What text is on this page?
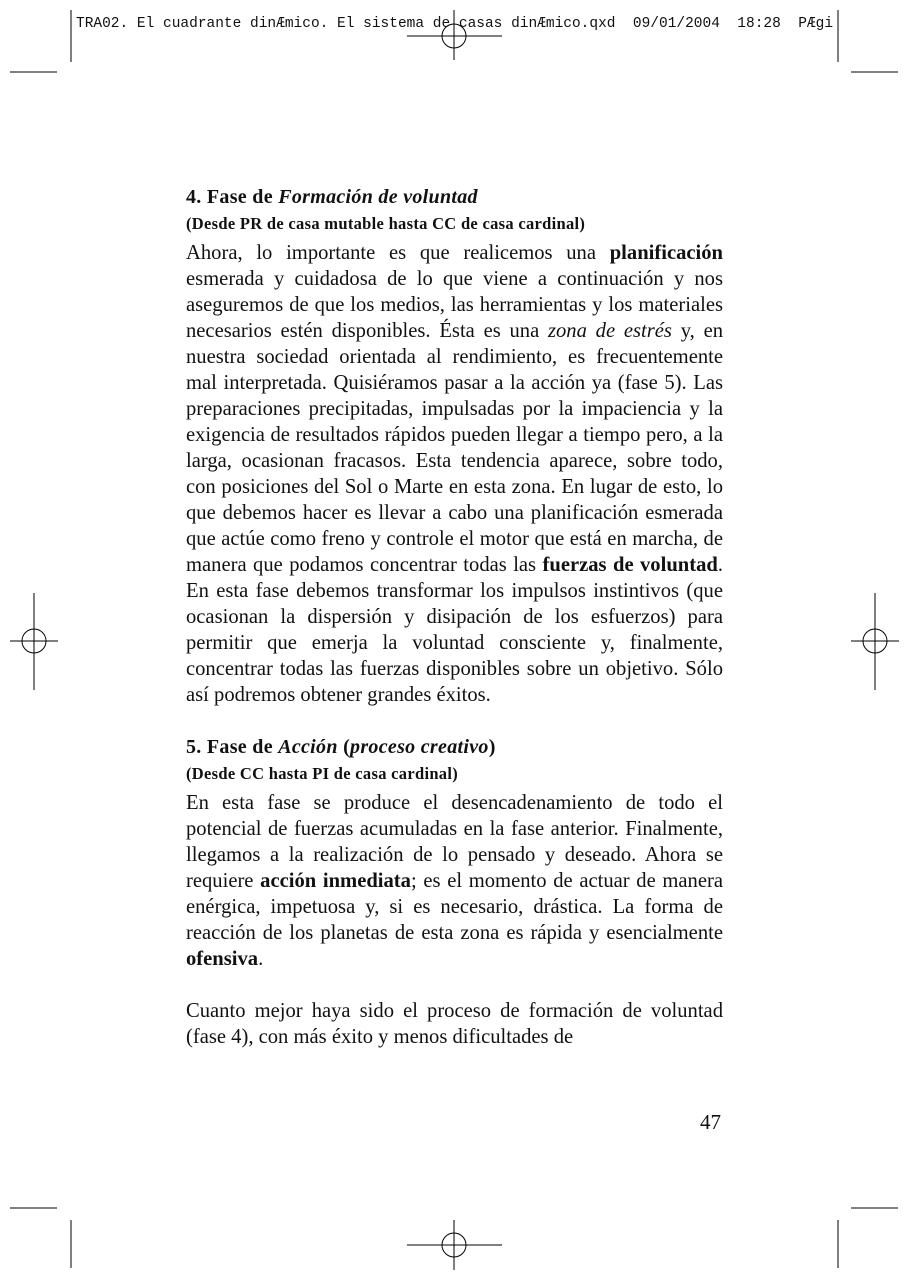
TRA02. El cuadrante dinÆmico. El sistema de casas dinÆmico.qxd  09/01/2004  18:28  PÆgi
4. Fase de Formación de voluntad
(Desde PR de casa mutable hasta CC de casa cardinal)

Ahora, lo importante es que realicemos una planificación esmerada y cuidadosa de lo que viene a continuación y nos aseguremos de que los medios, las herramientas y los materiales necesarios estén disponibles. Ésta es una zona de estrés y, en nuestra sociedad orientada al rendimiento, es frecuentemente mal interpretada. Quisiéramos pasar a la acción ya (fase 5). Las preparaciones precipitadas, impulsadas por la impaciencia y la exigencia de resultados rápidos pueden llegar a tiempo pero, a la larga, ocasionan fracasos. Esta tendencia aparece, sobre todo, con posiciones del Sol o Marte en esta zona. En lugar de esto, lo que debemos hacer es llevar a cabo una planificación esmerada que actúe como freno y controle el motor que está en marcha, de manera que podamos concentrar todas las fuerzas de voluntad. En esta fase debemos transformar los impulsos instintivos (que ocasionan la dispersión y disipación de los esfuerzos) para permitir que emerja la voluntad consciente y, finalmente, concentrar todas las fuerzas disponibles sobre un objetivo. Sólo así podremos obtener grandes éxitos.

5. Fase de Acción (proceso creativo)
(Desde CC hasta PI de casa cardinal)

En esta fase se produce el desencadenamiento de todo el potencial de fuerzas acumuladas en la fase anterior. Finalmente, llegamos a la realización de lo pensado y deseado. Ahora se requiere acción inmediata; es el momento de actuar de manera enérgica, impetuosa y, si es necesario, drástica. La forma de reacción de los planetas de esta zona es rápida y esencialmente ofensiva.

Cuanto mejor haya sido el proceso de formación de voluntad (fase 4), con más éxito y menos dificultades de

47
